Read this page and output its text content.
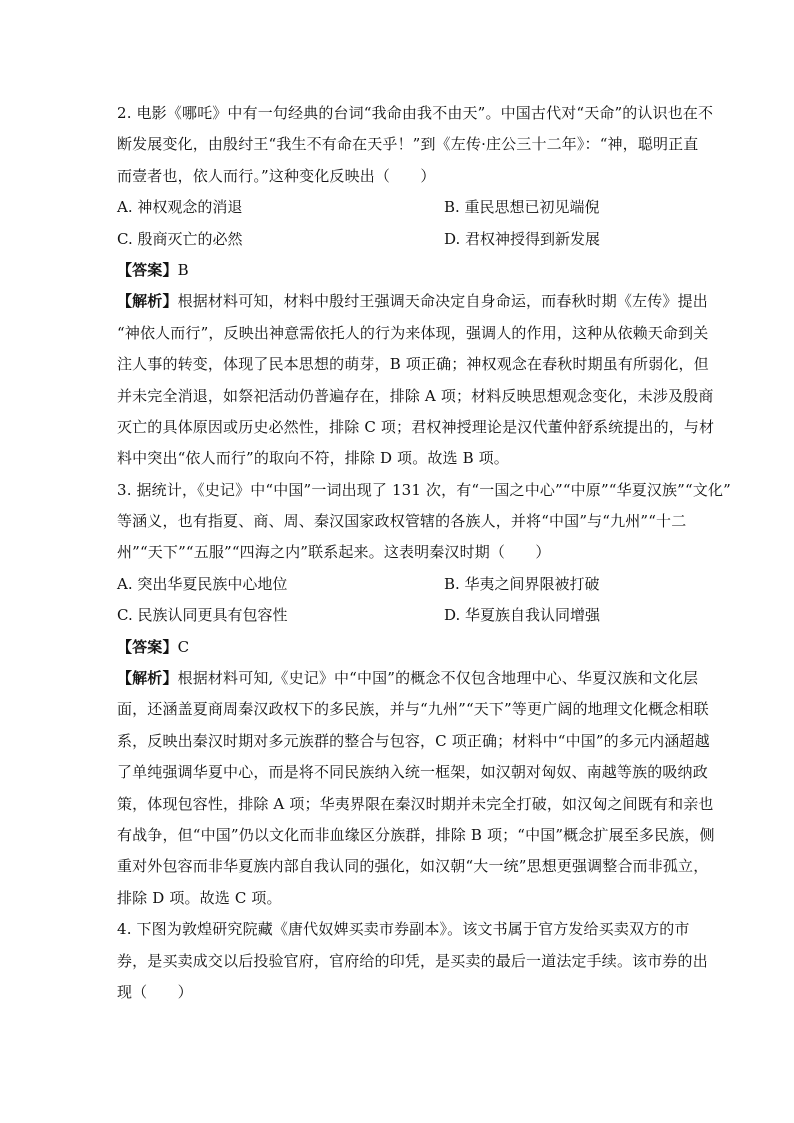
2. 电影《哪吒》中有一句经典的台词“我命由我不由天”。中国古代对“天命”的认识也在不
断发展变化，由殷纣王“我生不有命在天乎！”到《左传·庄公三十二年》：“神，聪明正直
而壹者也，依人而行。”这种变化反映出（　　）
A. 神权观念的消退	B. 重民思想已初见端倪
C. 殷商灭亡的必然	D. 君权神授得到新发展
【答案】B
【解析】根据材料可知，材料中殷纣王强调天命决定自身命运，而春秋时期《左传》提出
“神依人而行”，反映出神意需依托人的行为来体现，强调人的作用，这种从依赖天命到关
注人事的转变，体现了民本思想的萌芽，B 项正确；神权观念在春秋时期虽有所弱化，但
并未完全消退，如祭祀活动仍普遍存在，排除 A 项；材料反映思想观念变化，未涉及殷商
灭亡的具体原因或历史必然性，排除 C 项；君权神授理论是汉代董仲舒系统提出的，与材
料中突出“依人而行”的取向不符，排除 D 项。故选 B 项。
3. 据统计，《史记》中“中国”一词出现了 131 次，有“一国之中心”“中原”“华夏汉族”“文化”
等涵义，也有指夏、商、周、秦汉国家政权管辖的各族人，并将“中国”与“九州”“十二
州”“天下”“五服”“四海之内”联系起来。这表明秦汉时期（　　）
A. 突出华夏民族中心地位	B. 华夷之间界限被打破
C. 民族认同更具有包容性	D. 华夏族自我认同增强
【答案】C
【解析】根据材料可知,《史记》中“中国”的概念不仅包含地理中心、华夏汉族和文化层
面，还涵盖夏商周秦汉政权下的多民族，并与“九州”“天下”等更广阔的地理文化概念相联
系，反映出秦汉时期对多元族群的整合与包容，C 项正确；材料中“中国”的多元内涵超越
了单纯强调华夏中心，而是将不同民族纳入统一框架，如汉朝对匈奴、南越等族的吸纳政
策，体现包容性，排除 A 项；华夷界限在秦汉时期并未完全打破，如汉匈之间既有和亲也
有战争，但“中国”仍以文化而非血缘区分族群，排除 B 项；“中国”概念扩展至多民族，侧
重对外包容而非华夏族内部自我认同的强化，如汉朝“大一统”思想更强调整合而非孤立，
排除 D 项。故选 C 项。
4. 下图为敦煌研究院藏《唐代奴婢买卖市券副本》。该文书属于官方发给买卖双方的市
券，是买卖成交以后投验官府，官府给的印凭，是买卖的最后一道法定手续。该市券的出
现（　　）
